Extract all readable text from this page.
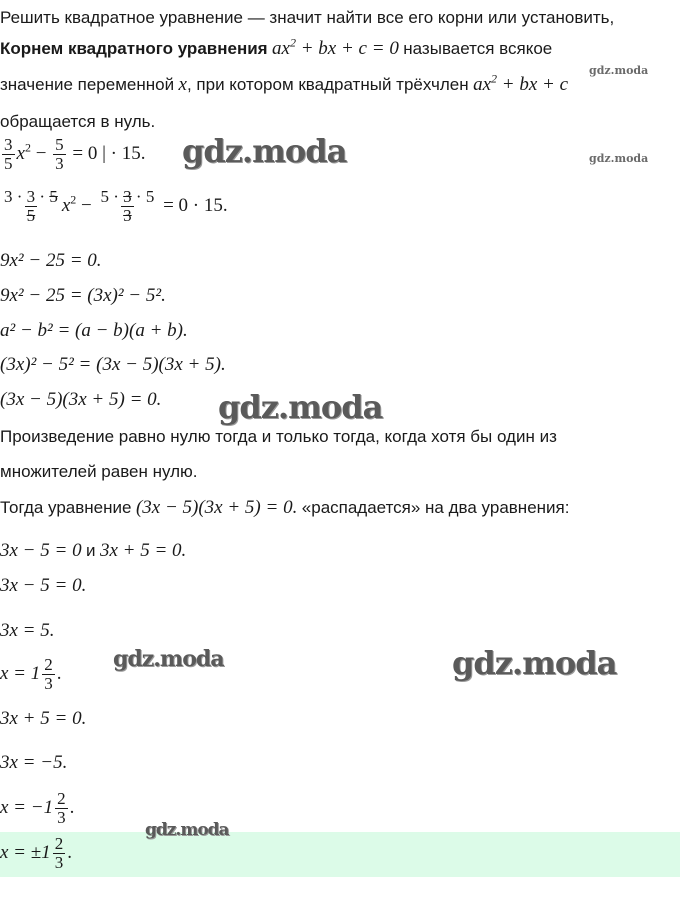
Решить квадратное уравнение — значит найти все его корни или установить,
Корнем квадратного уравнения $ax^2$ + bx + c = 0 называется всякое
значение переменной x, при котором квадратный трёхчлен $ax^2$ + bx + c
обращается в нуль.
$\frac{3}{5} x^2 - \frac{5}{3} = 0$ | · 15.
$\frac{3 \cdot 3 \cdot 5}{5} x^2 - \frac{5 \cdot 3 \cdot 5}{3} = 0 \cdot 15$.
9x² − 25 = 0.
9x² − 25 = (3x)² − 5².
a² − b² = (a − b)(a + b).
(3x)² − 5² = (3x − 5)(3x + 5).
(3x − 5)(3x + 5) = 0.
Произведение равно нулю тогда и только тогда, когда хотя бы один из
множителей равен нулю.
Тогда уравнение (3x − 5)(3x + 5) = 0. «распадается» на два уравнения:
3x − 5 = 0 и 3x + 5 = 0.
3x − 5 = 0.
3x = 5.
$x = 1 \frac{2}{3}$ .
3x + 5 = 0.
3x = −5.
$x = -1 \frac{2}{3}$ .
$x = \pm 1 \frac{2}{3}$ .
gdz.moda
gdz.moda	gdz.moda
gdz.moda
gdz.moda	gdz.moda
gdz.moda
